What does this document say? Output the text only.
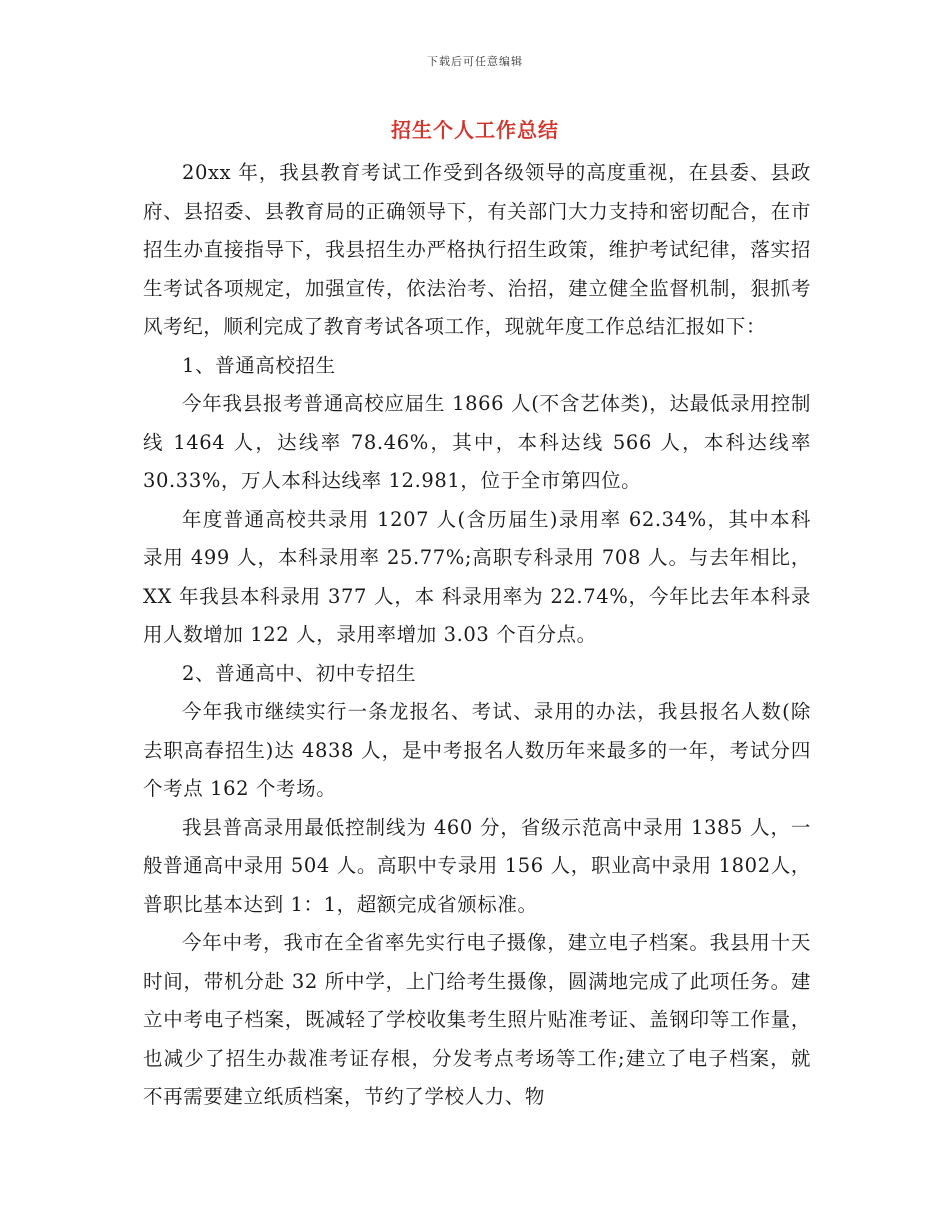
下载后可任意编辑
招生个人工作总结

20xx 年，我县教育考试工作受到各级领导的高度重视，在县委、县政府、县招委、县教育局的正确领导下，有关部门大力支持和密切配合，在市招生办直接指导下，我县招生办严格执行招生政策，维护考试纪律，落实招生考试各项规定，加强宣传，依法治考、治招，建立健全监督机制，狠抓考风考纪，顺利完成了教育考试各项工作，现就年度工作总结汇报如下：

1、普通高校招生

今年我县报考普通高校应届生 1866 人(不含艺体类)，达最低录用控制线 1464 人，达线率 78.46%，其中，本科达线 566 人，本科达线率30.33%，万人本科达线率 12.981，位于全市第四位。

年度普通高校共录用 1207 人(含历届生)录用率 62.34%，其中本科录用 499 人，本科录用率 25.77%;高职专科录用 708 人。与去年相比，XX 年我县本科录用 377 人，本 科录用率为 22.74%，今年比去年本科录用人数增加 122 人，录用率增加 3.03 个百分点。

2、普通高中、初中专招生

今年我市继续实行一条龙报名、考试、录用的办法，我县报名人数(除去职高春招生)达 4838 人，是中考报名人数历年来最多的一年，考试分四个考点 162 个考场。

我县普高录用最低控制线为 460 分，省级示范高中录用 1385 人，一般普通高中录用 504 人。高职中专录用 156 人，职业高中录用 1802人，普职比基本达到 1：1，超额完成省颁标准。

今年中考，我市在全省率先实行电子摄像，建立电子档案。我县用十天时间，带机分赴 32 所中学，上门给考生摄像，圆满地完成了此项任务。建立中考电子档案，既减轻了学校收集考生照片贴准考证、盖钢印等工作量，也减少了招生办裁准考证存根，分发考点考场等工作;建立了电子档案，就不再需要建立纸质档案，节约了学校人力、物
